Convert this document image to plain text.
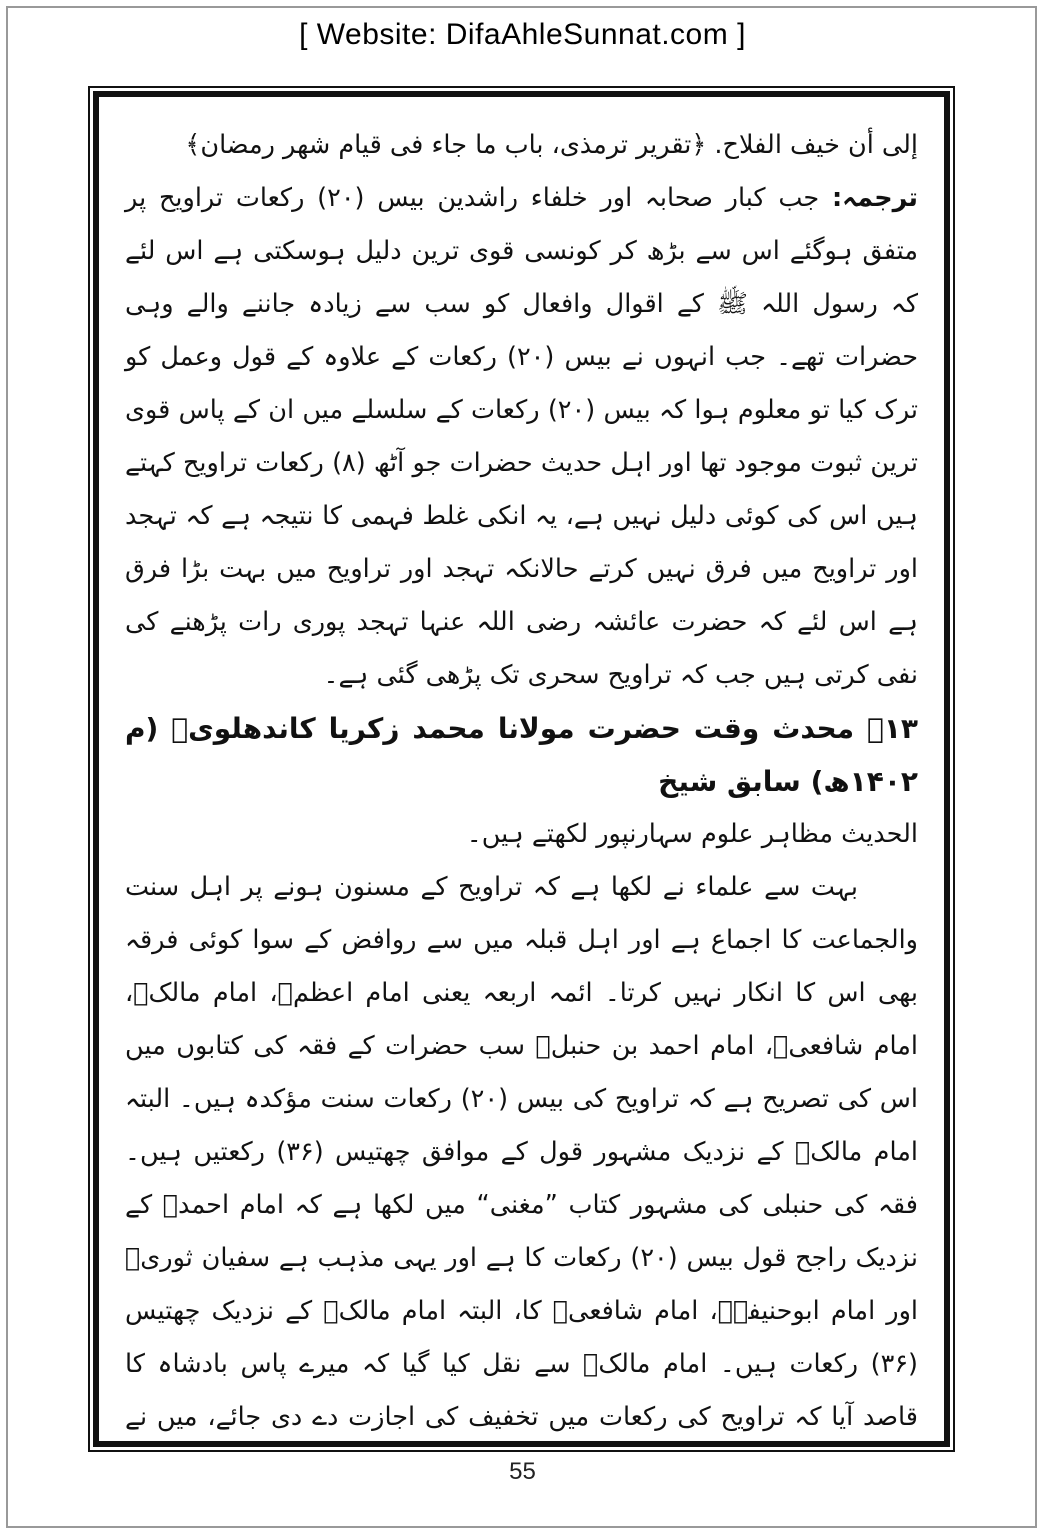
[ Website: DifaAhleSunnat.com ]

إلى أن خيف الفلاح. ﴿تقرير ترمذی، باب ما جاء فی قیام شهر رمضان﴾

ترجمہ: جب کبار صحابہ اور خلفاء راشدین بیس (۲۰) رکعات تراویح پر متفق ہوگئے اس سے بڑھ کر کونسی قوی ترین دلیل ہوسکتی ہے اس لئے کہ رسول اللہ ﷺ کے اقوال وافعال کو سب سے زیادہ جاننے والے وہی حضرات تھے۔ جب انہوں نے بیس (۲۰) رکعات کے علاوہ کے قول وعمل کو ترک کیا تو معلوم ہوا کہ بیس (۲۰) رکعات کے سلسلے میں ان کے پاس قوی ترین ثبوت موجود تھا اور اہل حدیث حضرات جو آٹھ (۸) رکعات تراویح کہتے ہیں اس کی کوئی دلیل نہیں ہے، یہ انکی غلط فہمی کا نتیجہ ہے کہ تہجد اور تراویح میں فرق نہیں کرتے حالانکہ تہجد اور تراویح میں بہت بڑا فرق ہے اس لئے کہ حضرت عائشہ رضی اللہ عنہا تہجد پوری رات پڑھنے کی نفی کرتی ہیں جب کہ تراویح سحری تک پڑھی گئی ہے۔

۱۳﴾ محدث وقت حضرت مولانا محمد زکریا کاندھلویؒ (م ۱۴۰۲ھ) سابق شیخ

الحدیث مظاہر علوم سہارنپور لکھتے ہیں۔

بہت سے علماء نے لکھا ہے کہ تراویح کے مسنون ہونے پر اہل سنت والجماعت کا اجماع ہے اور اہل قبلہ میں سے روافض کے سوا کوئی فرقہ بھی اس کا انکار نہیں کرتا۔ ائمہ اربعہ یعنی امام اعظمؒ، امام مالکؒ، امام شافعیؒ، امام احمد بن حنبلؒ سب حضرات کے فقہ کی کتابوں میں اس کی تصریح ہے کہ تراویح کی بیس (۲۰) رکعات سنت مؤکدہ ہیں۔ البتہ امام مالکؒ کے نزدیک مشہور قول کے موافق چھتیس (۳۶) رکعتیں ہیں۔ فقہ کی حنبلی کی مشہور کتاب ”مغنی“ میں لکھا ہے کہ امام احمدؒ کے نزدیک راجح قول بیس (۲۰) رکعات کا ہے اور یہی مذہب ہے سفیان ثوریؒ اور امام ابوحنیفہؒ، امام شافعیؒ کا، البتہ امام مالکؒ کے نزدیک چھتیس (۳۶) رکعات ہیں۔ امام مالکؒ سے نقل کیا گیا کہ میرے پاس بادشاہ کا قاصد آیا کہ تراویح کی رکعات میں تخفیف کی اجازت دے دی جائے، میں نے

55
